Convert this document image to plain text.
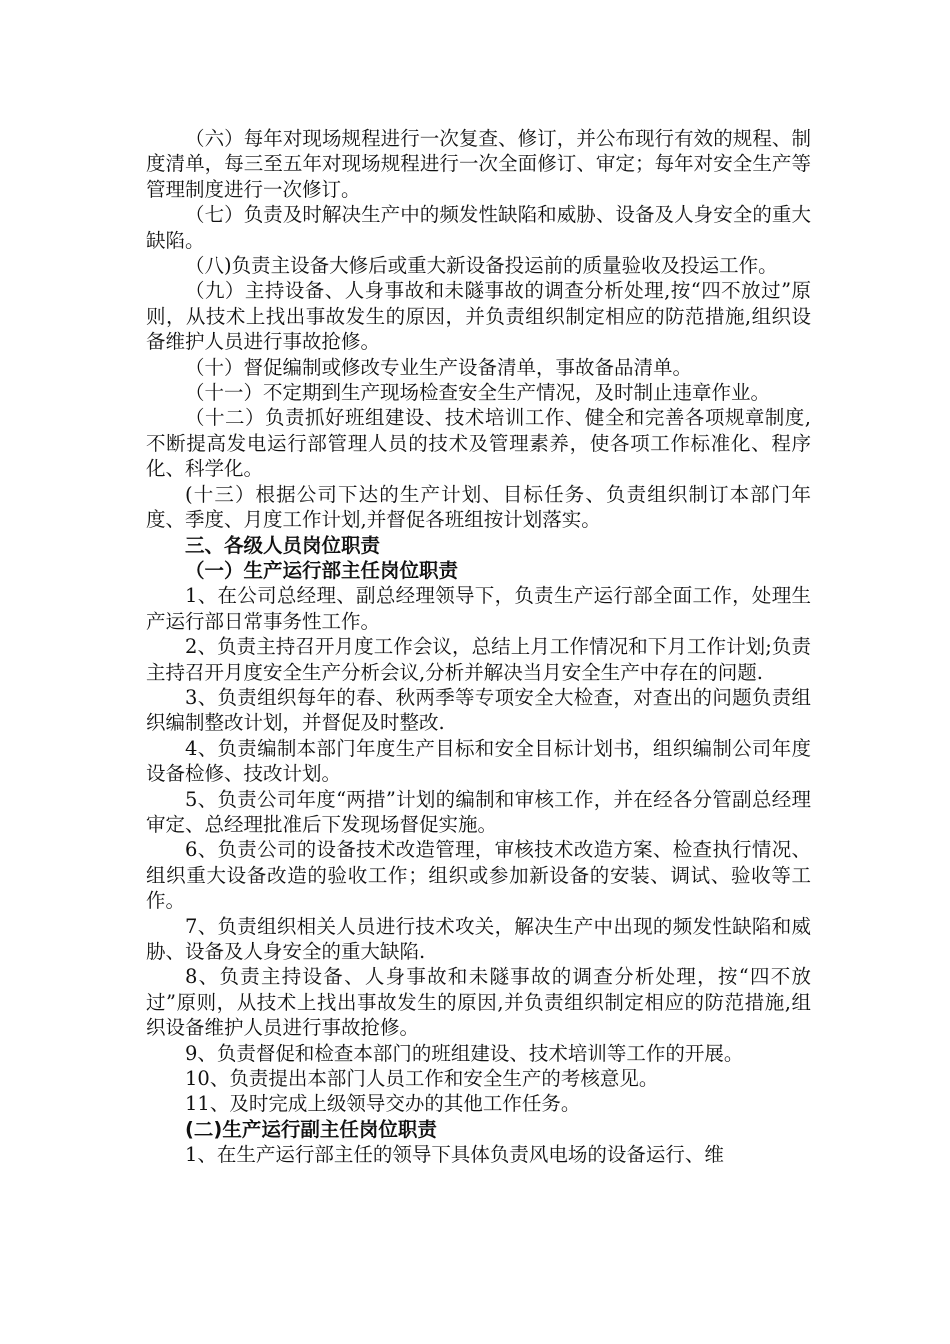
（六）每年对现场规程进行一次复查、修订，并公布现行有效的规程、制度清单，每三至五年对现场规程进行一次全面修订、审定；每年对安全生产等管理制度进行一次修订。

（七）负责及时解决生产中的频发性缺陷和威胁、设备及人身安全的重大缺陷。

（八)负责主设备大修后或重大新设备投运前的质量验收及投运工作。

（九）主持设备、人身事故和未隧事故的调查分析处理,按“四不放过”原则，从技术上找出事故发生的原因，并负责组织制定相应的防范措施,组织设备维护人员进行事故抢修。

（十）督促编制或修改专业生产设备清单，事故备品清单。

（十一）不定期到生产现场检查安全生产情况，及时制止违章作业。

（十二）负责抓好班组建设、技术培训工作、健全和完善各项规章制度,不断提高发电运行部管理人员的技术及管理素养，使各项工作标准化、程序化、科学化。

(十三）根据公司下达的生产计划、目标任务、负责组织制订本部门年度、季度、月度工作计划,并督促各班组按计划落实。

三、各级人员岗位职责

（一）生产运行部主任岗位职责

1、在公司总经理、副总经理领导下，负责生产运行部全面工作，处理生产运行部日常事务性工作。

2、负责主持召开月度工作会议，总结上月工作情况和下月工作计划;负责主持召开月度安全生产分析会议,分析并解决当月安全生产中存在的问题.

3、负责组织每年的春、秋两季等专项安全大检查，对查出的问题负责组织编制整改计划，并督促及时整改.

4、负责编制本部门年度生产目标和安全目标计划书，组织编制公司年度设备检修、技改计划。

5、负责公司年度“两措”计划的编制和审核工作，并在经各分管副总经理审定、总经理批准后下发现场督促实施。

6、负责公司的设备技术改造管理，审核技术改造方案、检查执行情况、组织重大设备改造的验收工作；组织或参加新设备的安装、调试、验收等工作。

7、负责组织相关人员进行技术攻关，解决生产中出现的频发性缺陷和威胁、设备及人身安全的重大缺陷.

8、负责主持设备、人身事故和未隧事故的调查分析处理，按“四不放过”原则，从技术上找出事故发生的原因,并负责组织制定相应的防范措施,组织设备维护人员进行事故抢修。

9、负责督促和检查本部门的班组建设、技术培训等工作的开展。

10、负责提出本部门人员工作和安全生产的考核意见。

11、及时完成上级领导交办的其他工作任务。

(二)生产运行副主任岗位职责

1、在生产运行部主任的领导下具体负责风电场的设备运行、维
